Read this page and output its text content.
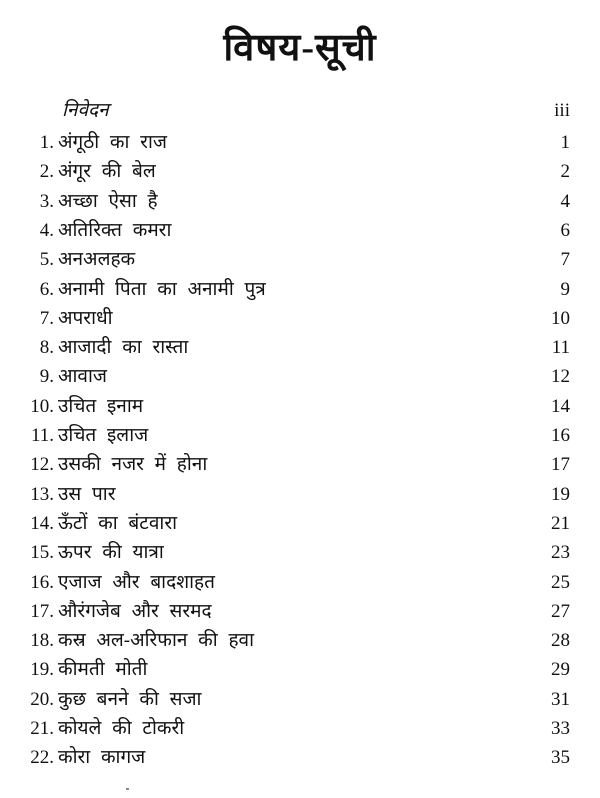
विषय-सूची
निवेदन	iii
1. अंगूठी का राज	1
2. अंगूर की बेल	2
3. अच्छा ऐसा है	4
4. अतिरिक्त कमरा	6
5. अनअलहक	7
6. अनामी पिता का अनामी पुत्र	9
7. अपराधी	10
8. आजादी का रास्ता	11
9. आवाज	12
10. उचित इनाम	14
11. उचित इलाज	16
12. उसकी नजर में होना	17
13. उस पार	19
14. ऊँटों का बंटवारा	21
15. ऊपर की यात्रा	23
16. एजाज और बादशाहत	25
17. औरंगजेब और सरमद	27
18. कस्र अल-अरिफान की हवा	28
19. कीमती मोती	29
20. कुछ बनने की सजा	31
21. कोयले की टोकरी	33
22. कोरा कागज	35
